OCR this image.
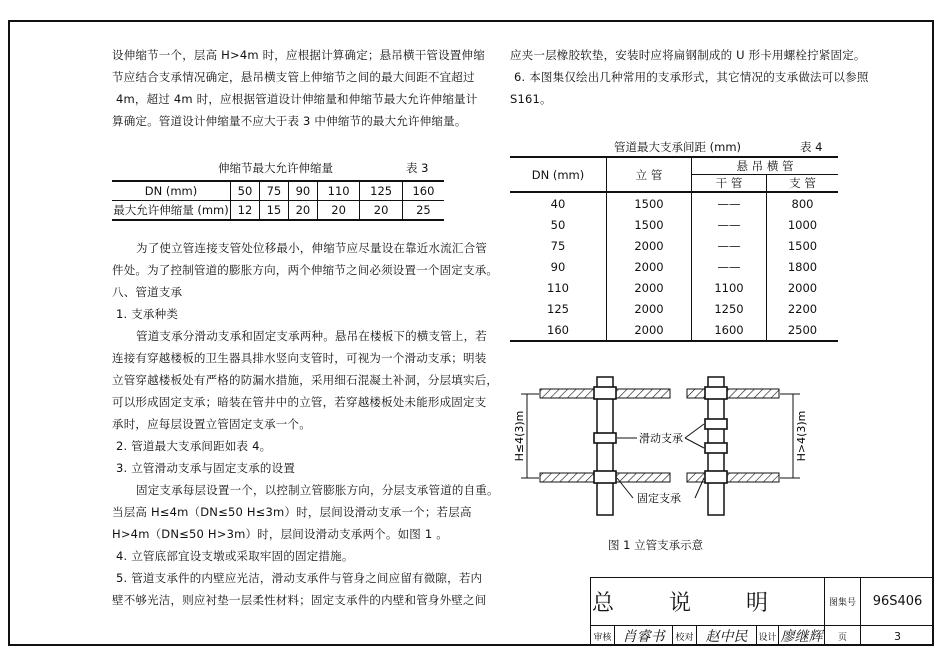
设伸缩节一个，层高 H>4m 时，应根据计算确定；悬吊横干管设置伸缩
节应结合支承情况确定，悬吊横支管上伸缩节之间的最大间距不宜超过
4m，超过 4m 时，应根据管道设计伸缩量和伸缩节最大允许伸缩量计
算确定。管道设计伸缩量不应大于表 3 中伸缩节的最大允许伸缩量。
伸缩节最大允许伸缩量	表 3
DN (mm)	50	75	90	110	125	160
最大允许伸缩量 (mm)	12	15	20	20	20	25
为了使立管连接支管处位移最小，伸缩节应尽量设在靠近水流汇合管
件处。为了控制管道的膨胀方向，两个伸缩节之间必须设置一个固定支承。
八、管道支承
1. 支承种类
管道支承分滑动支承和固定支承两种。悬吊在楼板下的横支管上，若
连接有穿越楼板的卫生器具排水竖向支管时，可视为一个滑动支承；明装
立管穿越楼板处有严格的防漏水措施，采用细石混凝土补洞，分层填实后，
可以形成固定支承；暗装在管井中的立管，若穿越楼板处未能形成固定支
承时，应每层设置立管固定支承一个。
2. 管道最大支承间距如表 4。
3. 立管滑动支承与固定支承的设置
固定支承每层设置一个，以控制立管膨胀方向，分层支承管道的自重。
当层高 H≤4m（DN≤50 H≤3m）时，层间设滑动支承一个；若层高
H>4m（DN≤50 H>3m）时，层间设滑动支承两个。如图 1 。
4. 立管底部宜设支墩或采取牢固的固定措施。
5. 管道支承件的内壁应光洁，滑动支承件与管身之间应留有微隙，若内
壁不够光洁，则应衬垫一层柔性材料；固定支承件的内壁和管身外壁之间
应夹一层橡胶软垫，安装时应将扁钢制成的 U 形卡用螺栓拧紧固定。
6. 本图集仅绘出几种常用的支承形式，其它情况的支承做法可以参照
S161。
管道最大支承间距 (mm)	表 4
DN (mm)	立 管	悬 吊 横 管	
		干 管	支 管
40	1500	——	800
50	1500	——	1000
75	2000	——	1500
90	2000	——	1800
110	2000	1100	2000
125	2000	1250	2200
160	2000	1600	2500
H≤4(3)m	H>4(3)m
滑动支承
固定支承
图 1 立管支承示意
总说明 图集号 96S406
审核 肖睿书 校对 赵中民 设计 廖继辉 页	3
